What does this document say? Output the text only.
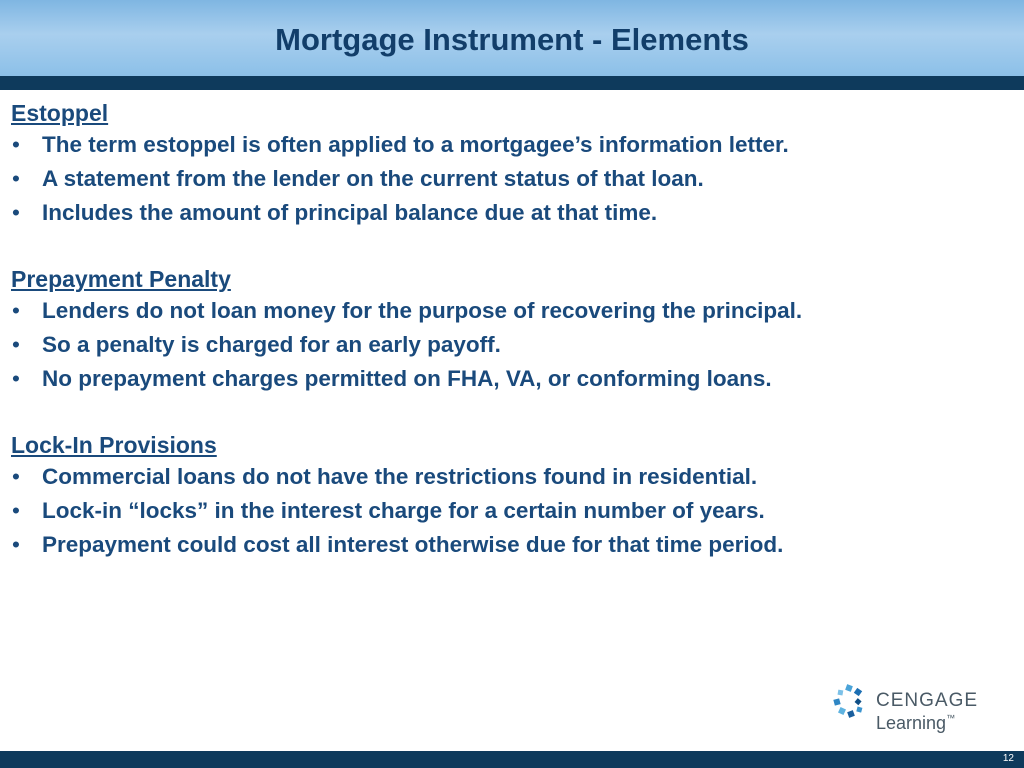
Mortgage Instrument - Elements

Estoppel

• The term estoppel is often applied to a mortgagee’s information letter.
• A statement from the lender on the current status of that loan.
• Includes the amount of principal balance due at that time.

Prepayment Penalty

• Lenders do not loan money for the purpose of recovering the principal.
• So a penalty is charged for an early payoff.
• No prepayment charges permitted on FHA, VA, or conforming loans.

Lock-In Provisions

• Commercial loans do not have the restrictions found in residential.
• Lock-in “locks” in the interest charge for a certain number of years.
• Prepayment could cost all interest otherwise due for that time period.
CENGAGE
Learning™
12
